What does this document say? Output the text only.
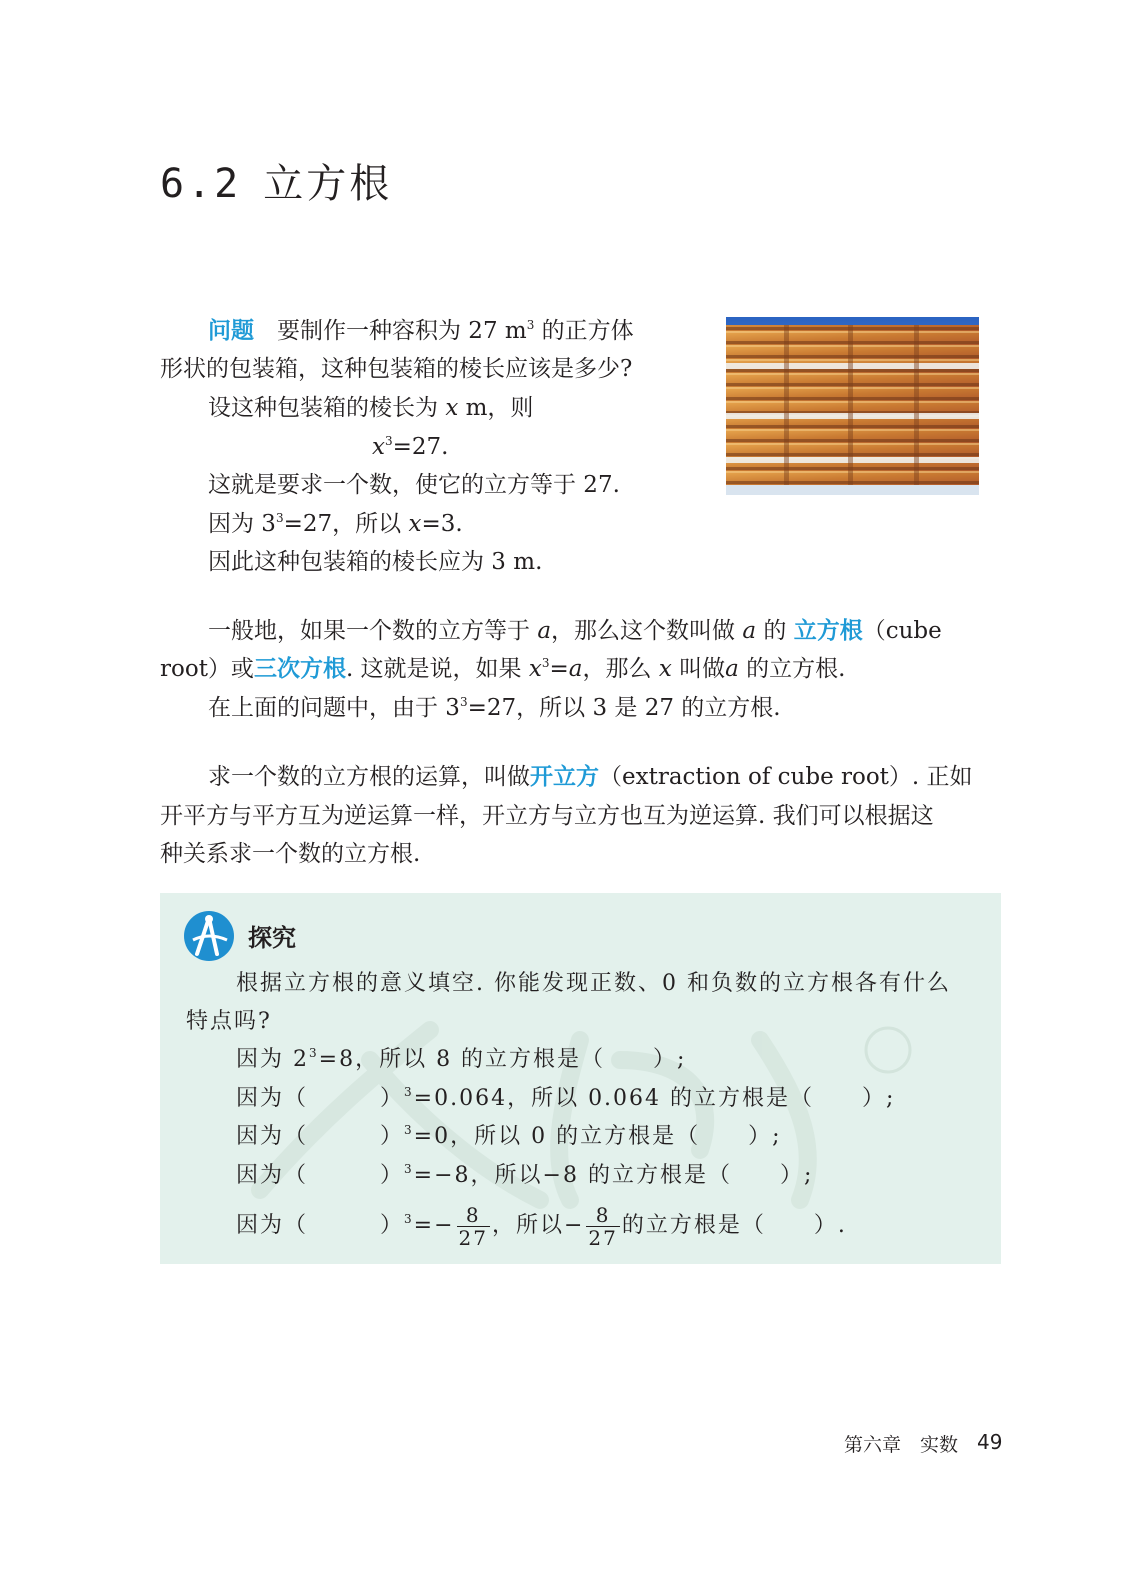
6.2 立方根
问题　 要制作一种容积为 27 $m^3$ 的正方体
形状的包装箱，这种包装箱的棱长应该是多少?
设这种包装箱的棱长为 x m，则
$x^3=27$.
这就是要求一个数，使它的立方等于 27.
因为 $3^3=27$，所以 x=3.
因此这种包装箱的棱长应为 3 m.
一般地，如果一个数的立方等于 a，那么这个数叫做 a 的 立方根（cube
root）或三次方根. 这就是说，如果 $x^3=a$，那么 x 叫做a 的立方根.
在上面的问题中，由于 $3^3=27$，所以 3 是 27 的立方根.
求一个数的立方根的运算，叫做开立方（extraction of cube root）. 正如
开平方与平方互为逆运算一样，开立方与立方也互为逆运算. 我们可以根据这
种关系求一个数的立方根.
探究
根据立方根的意义填空. 你能发现正数、0 和负数的立方根各有什么
特点吗?
因为 $2^3=8$，所以 8 的立方根是（　　）;
因为（　　　）$^3$=0.064，所以 0.064 的立方根是（　　）;
因为（　　　）$^3$=0，所以 0 的立方根是（　　）;
因为（　　　）$^3$=−8，所以−8 的立方根是（　　）;
因为（　　　）$^3=- \frac{8}{27}$ ，所以− $\frac{8}{27}$ 的立方根是（　　）.
第六章 实数 49
